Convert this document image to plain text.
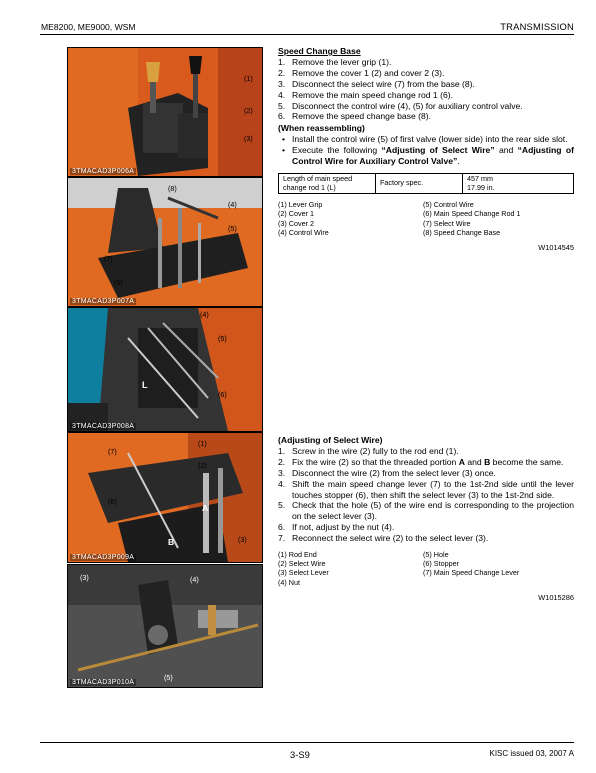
ME8200, ME9000, WSM	TRANSMISSION
(1)
(2)
(3)
3TMACAD3P006A
(8)
(4)
(5)
(7)
(6)
3TMACAD3P007A
(4)
(5)
L
(6)
3TMACAD3P008A
(1)
(7)
(2)
(6)
A
B	(3)
3TMACAD3P009A
(3)	(4)
(5)
3TMACAD3P010A
Speed Change Base
1. Remove the lever grip (1).
2. Remove the cover 1 (2) and cover 2 (3).
3. Disconnect the select wire (7) from the base (8).
4. Remove the main speed change rod 1 (6).
5. Disconnect the control wire (4), (5) for auxiliary control valve.
6. Remove the speed change base (8).
(When reassembling)
• Install the control wire (5) of first valve (lower side) into the rear side slot.
• Execute the following “Adjusting of Select Wire” and “Adjusting of Control Wire for Auxiliary Control Valve”.
Length of main speed change rod 1 (L)	Factory spec.	457 mm
17.99 in.
(1) Lever Grip
(2) Cover 1
(3) Cover 2
(4) Control Wire
(5) Control Wire
(6) Main Speed Change Rod 1
(7) Select Wire
(8) Speed Change Base
W1014545
(Adjusting of Select Wire)
1. Screw in the wire (2) fully to the rod end (1).
2. Fix the wire (2) so that the threaded portion A and B become the same.
3. Disconnect the wire (2) from the select lever (3) once.
4. Shift the main speed change lever (7) to the 1st-2nd side until the lever touches stopper (6), then shift the select lever (3) to the 1st-2nd side.
5. Check that the hole (5) of the wire end is corresponding to the projection on the select lever (3).
6. If not, adjust by the nut (4).
7. Reconnect the select wire (2) to the select lever (3).
(1) Rod End
(2) Select Wire
(3) Select Lever
(4) Nut
(5) Hole
(6) Stopper
(7) Main Speed Change Lever
W1015286
3-S9	KISC issued 03, 2007 A
